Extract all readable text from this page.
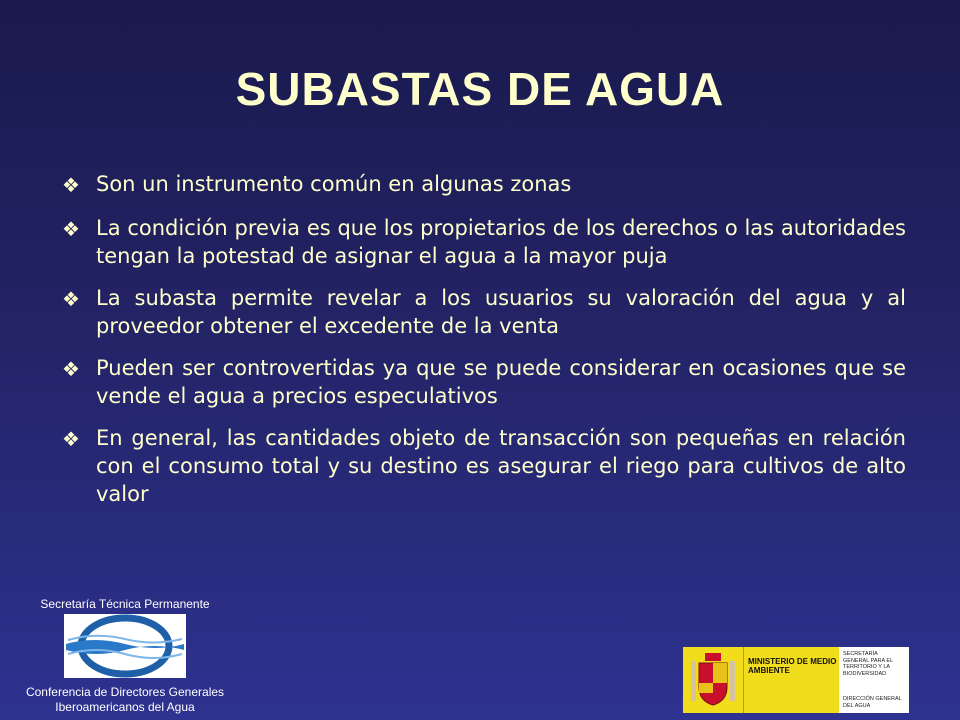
SUBASTAS DE AGUA
❖ Son un instrumento común en algunas zonas
❖ La condición previa es que los propietarios de los derechos o las autoridades tengan la potestad de asignar el agua a la mayor puja
❖ La subasta permite revelar a los usuarios su valoración del agua y al proveedor obtener el excedente de la venta
❖ Pueden ser controvertidas ya que se puede considerar en ocasiones que se vende el agua a precios especulativos
❖ En general, las cantidades objeto de transacción son pequeñas en relación con el consumo total y su destino es asegurar el riego para cultivos de alto valor
Secretaría Técnica Permanente
Conferencia de Directores Generales
Iberoamericanos del Agua
MINISTERIO DE MEDIO AMBIENTE
SECRETARÍA GENERAL PARA EL TERRITORIO Y LA BIODIVERSIDAD
DIRECCIÓN GENERAL DEL AGUA
